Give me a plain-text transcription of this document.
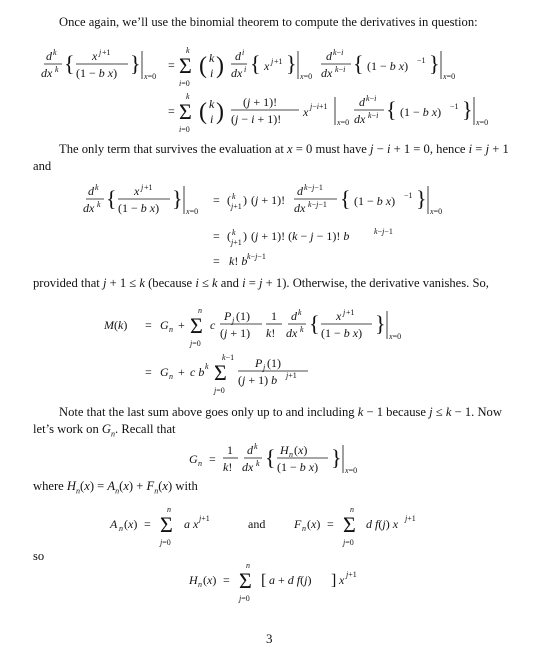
Once again, we’ll use the binomial theorem to compute the derivatives in question:
d k
dx k { x j +1
(1 − b x) }
x=0
=
k
Σ
i=0
( k
i ) d i
dx i { x j +1 }
x=0
d k−i
dx k−i { (1 − b x) −1 }
x=0
=
k
Σ
i=0
( k
i ) (j + 1)!
(j − i + 1)! x j−i+1
x=0
d k−i
dx k−i { (1 − b x) −1 }
x=0
The only term that survives the evaluation at x = 0 must have j − i + 1 = 0, hence i = j + 1 and
d k
dx k { x j +1
(1 − b x) }
x=0
= ( k
j+1 ) (j + 1)!
d k−j−1
dx k−j−1 { (1 − b x) −1 }
x=0
= ( k
j+1 ) (j + 1)! (k − j − 1)! b	k−j−1
= k! b k−j−1
provided that j + 1 ≤ k (because i ≤ k and i = j + 1). Otherwise, the derivative vanishes. So,
M(k) = G n +
n
Σ
j=0
c
P j (1)
(j + 1)
1
k!
d k
dx k { x j +1
(1 − b x) }
x=0
= G n + c b k
k−1
Σ
j=0
P j (1)
(j + 1) b j+1
Note that the last sum above goes only up to and including k − 1 because j ≤ k − 1. Now let’s work on $G_n$. Recall that
G n =
1
k!
d k
dx k { H n (x)
(1 − b x) }
x=0
where $H_n(x) = A_n(x) + F_n(x)$ with
A n (x) =
n
Σ
j=0
a x j+1	and F n (x) =
n
Σ
j=0
d f(j) x j+1
so
H n (x) =
n
Σ
j=0
[ a + d f(j) ] x j+1
3
